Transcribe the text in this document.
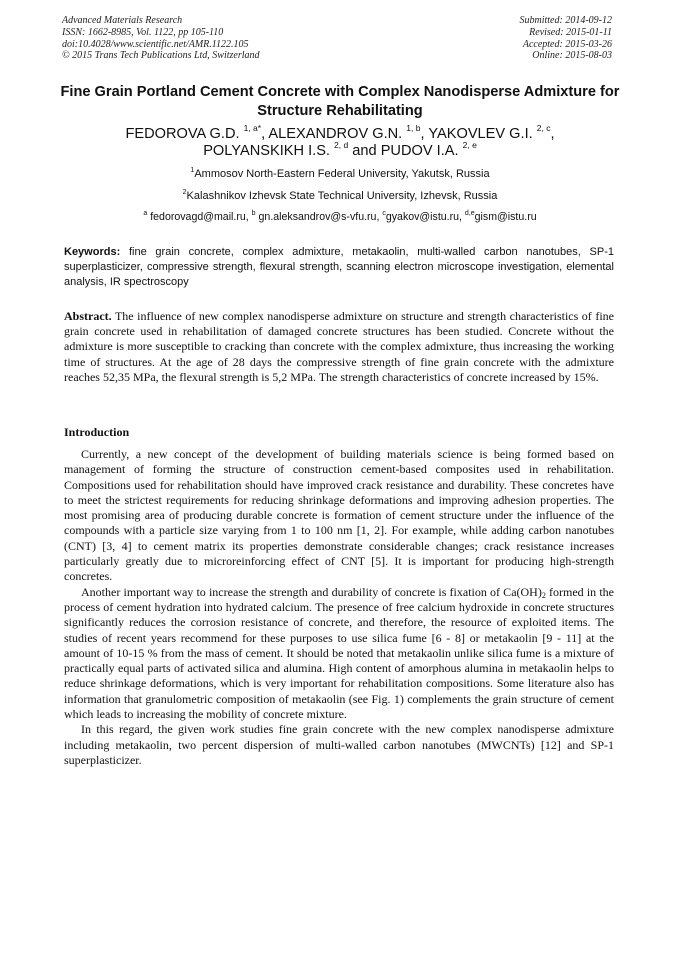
Advanced Materials Research
ISSN: 1662-8985, Vol. 1122, pp 105-110
doi:10.4028/www.scientific.net/AMR.1122.105
© 2015 Trans Tech Publications Ltd, Switzerland
Submitted: 2014-09-12
Revised: 2015-01-11
Accepted: 2015-03-26
Online: 2015-08-03
Fine Grain Portland Cement Concrete with Complex Nanodisperse Admixture for Structure Rehabilitating
FEDOROVA G.D. $^{1, a*}$, ALEXANDROV G.N. $^{1, b}$, YAKOVLEV G.I. $^{2, c}$,
POLYANSKIKH I.S. $^{2, d}$ and PUDOV I.A. $^{2, e}$
$^1$Ammosov North-Eastern Federal University, Yakutsk, Russia
$^2$Kalashnikov Izhevsk State Technical University, Izhevsk, Russia
$^a$ fedorovagd@mail.ru, $^b$ gn.aleksandrov@s-vfu.ru, $^c$gyakov@istu.ru, $^{d,e}$gism@istu.ru
Keywords: fine grain concrete, complex admixture, metakaolin, multi-walled carbon nanotubes, SP-1 superplasticizer, compressive strength, flexural strength, scanning electron microscope investigation, elemental analysis, IR spectroscopy
Abstract. The influence of new complex nanodisperse admixture on structure and strength characteristics of fine grain concrete used in rehabilitation of damaged concrete structures has been studied. Concrete without the admixture is more susceptible to cracking than concrete with the complex admixture, thus increasing the working time of structures. At the age of 28 days the compressive strength of fine grain concrete with the admixture reaches 52,35 MPa, the flexural strength is 5,2 MPa. The strength characteristics of concrete increased by 15%.
Introduction

Currently, a new concept of the development of building materials science is being formed based on management of forming the structure of construction cement-based composites used in rehabilitation. Compositions used for rehabilitation should have improved crack resistance and durability. These concretes have to meet the strictest requirements for reducing shrinkage deformations and improving adhesion properties. The most promising area of producing durable concrete is formation of cement structure under the influence of the compounds with a particle size varying from 1 to 100 nm [1, 2]. For example, while adding carbon nanotubes (CNT) [3, 4] to cement matrix its properties demonstrate considerable changes; crack resistance increases particularly greatly due to microreinforcing effect of CNT [5]. It is important for producing high-strength concretes.

Another important way to increase the strength and durability of concrete is fixation of $Ca(OH)_2$ formed in the process of cement hydration into hydrated calcium. The presence of free calcium hydroxide in concrete structures significantly reduces the corrosion resistance of concrete, and therefore, the resource of exploited items. The studies of recent years recommend for these purposes to use silica fume [6 - 8] or metakaolin [9 - 11] at the amount of 10-15 % from the mass of cement. It should be noted that metakaolin unlike silica fume is a mixture of practically equal parts of activated silica and alumina. High content of amorphous alumina in metakaolin helps to reduce shrinkage deformations, which is very important for rehabilitation compositions. Some literature also has information that granulometric composition of metakaolin (see Fig. 1) complements the grain structure of cement which leads to increasing the mobility of concrete mixture.

In this regard, the given work studies fine grain concrete with the new complex nanodisperse admixture including metakaolin, two percent dispersion of multi-walled carbon nanotubes (MWCNTs) [12] and SP-1 superplasticizer.
